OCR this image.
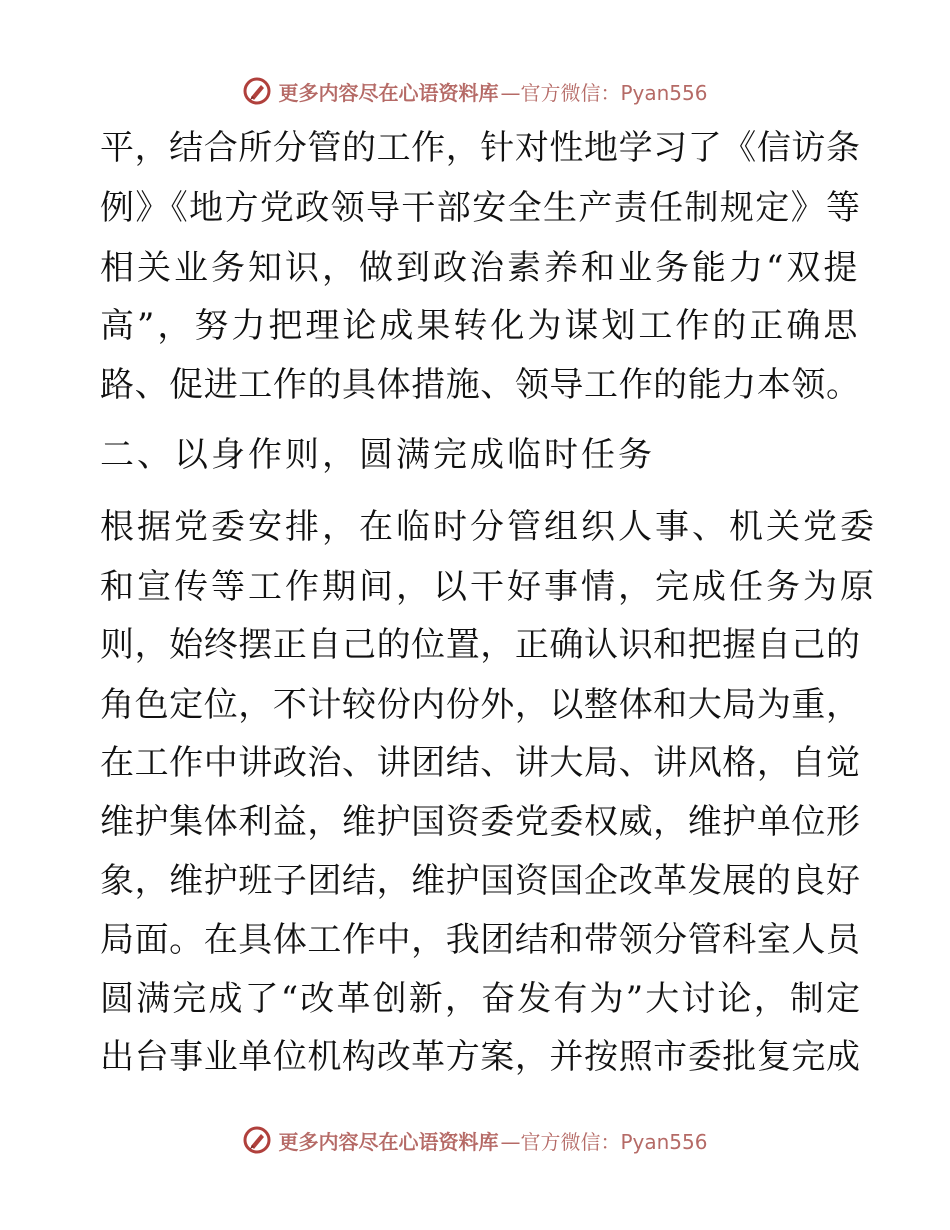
更多内容尽在心语资料库 —官方微信：Pyan556
平，结合所分管的工作，针对性地学习了《信访条
例》《地方党政领导干部安全生产责任制规定》等
相关业务知识，做到政治素养和业务能力“双提
高”，努力把理论成果转化为谋划工作的正确思
路、促进工作的具体措施、领导工作的能力本领。
二、以身作则，圆满完成临时任务
根据党委安排，在临时分管组织人事、机关党委
和宣传等工作期间，以干好事情，完成任务为原
则，始终摆正自己的位置，正确认识和把握自己的
角色定位，不计较份内份外，以整体和大局为重，
在工作中讲政治、讲团结、讲大局、讲风格，自觉
维护集体利益，维护国资委党委权威，维护单位形
象，维护班子团结，维护国资国企改革发展的良好
局面。在具体工作中，我团结和带领分管科室人员
圆满完成了“改革创新，奋发有为”大讨论，制定
出台事业单位机构改革方案，并按照市委批复完成
更多内容尽在心语资料库 —官方微信：Pyan556
